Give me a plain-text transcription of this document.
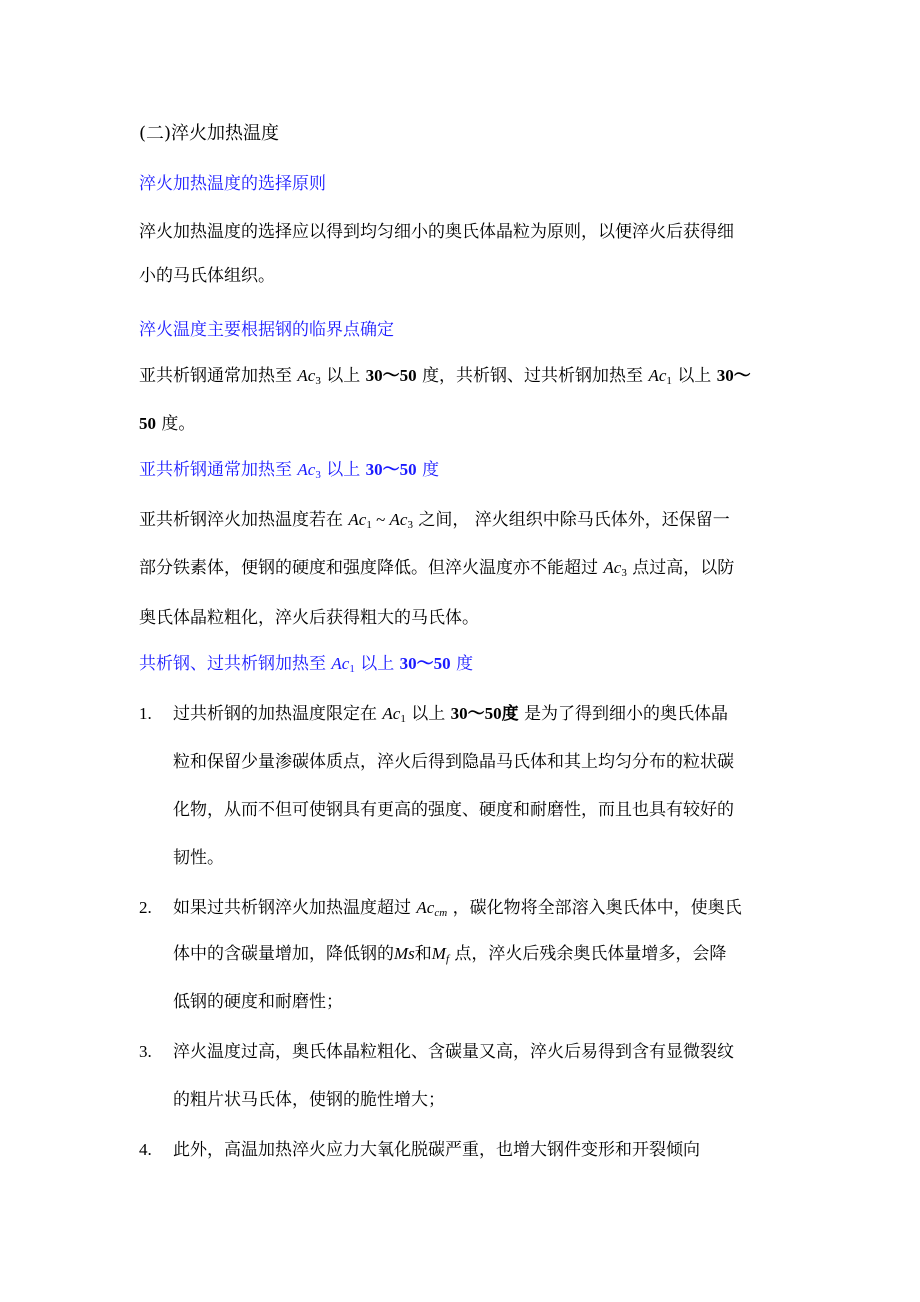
(二)淬火加热温度
淬火加热温度的选择原则
淬火加热温度的选择应以得到均匀细小的奥氏体晶粒为原则，以便淬火后获得细
小的马氏体组织。
淬火温度主要根据钢的临界点确定
亚共析钢通常加热至 $Ac_3$ 以上 30～50 度，共析钢、过共析钢加热至 $Ac_1$ 以上 30～
50 度。
亚共析钢通常加热至 $Ac_3$ 以上 30～50 度
亚共析钢淬火加热温度若在 $Ac_1$ ~ $Ac_3$ 之间， 淬火组织中除马氏体外，还保留一
部分铁素体，便钢的硬度和强度降低。但淬火温度亦不能超过 $Ac_3$ 点过高，以防
奥氏体晶粒粗化，淬火后获得粗大的马氏体。
共析钢、过共析钢加热至 $Ac_1$ 以上 30～50 度
1. 过共析钢的加热温度限定在 $Ac_1$ 以上 30～50度 是为了得到细小的奥氏体晶
粒和保留少量渗碳体质点，淬火后得到隐晶马氏体和其上均匀分布的粒状碳
化物，从而不但可使钢具有更高的强度、硬度和耐磨性，而且也具有较好的
韧性。
2. 如果过共析钢淬火加热温度超过 $Ac_{cm}$ ，碳化物将全部溶入奥氏体中，使奥氏
体中的含碳量增加，降低钢的Ms和$M_f$ 点，淬火后残余奥氏体量增多，会降
低钢的硬度和耐磨性；
3. 淬火温度过高，奥氏体晶粒粗化、含碳量又高，淬火后易得到含有显微裂纹
的粗片状马氏体，使钢的脆性增大；
4. 此外，高温加热淬火应力大氧化脱碳严重，也增大钢件变形和开裂倾向
